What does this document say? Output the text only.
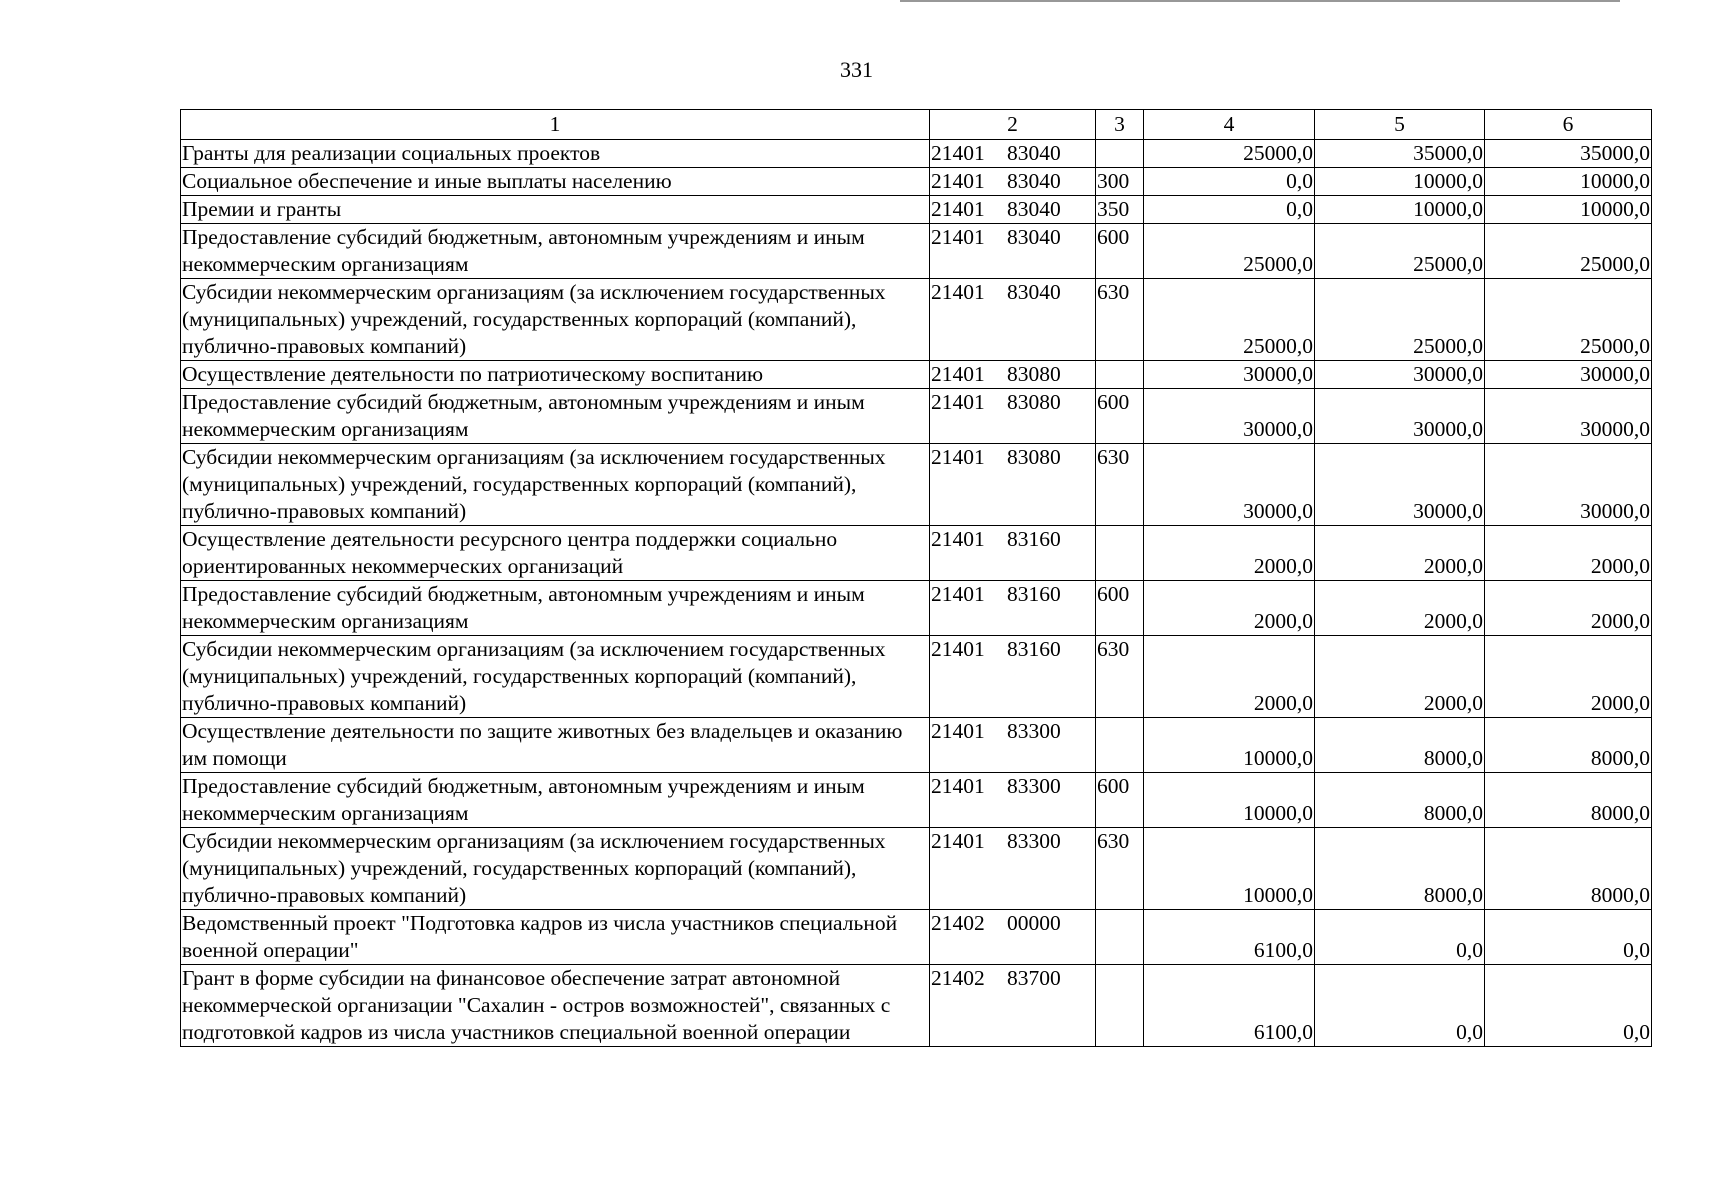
331
1	2	3	4	5	6
Гранты для реализации социальных проектов	21401 83040		25000,0	35000,0	35000,0
Социальное обеспечение и иные выплаты населению	21401 83040	300	0,0	10000,0	10000,0
Премии и гранты	21401 83040	350	0,0	10000,0	10000,0
Предоставление субсидий бюджетным, автономным учреждениям и иным некоммерческим организациям	21401 83040	600	25000,0	25000,0	25000,0
Субсидии некоммерческим организациям (за исключением государственных (муниципальных) учреждений, государственных корпораций (компаний), публично-правовых компаний)	21401 83040	630	25000,0	25000,0	25000,0
Осуществление деятельности по патриотическому воспитанию	21401 83080		30000,0	30000,0	30000,0
Предоставление субсидий бюджетным, автономным учреждениям и иным некоммерческим организациям	21401 83080	600	30000,0	30000,0	30000,0
Субсидии некоммерческим организациям (за исключением государственных (муниципальных) учреждений, государственных корпораций (компаний), публично-правовых компаний)	21401 83080	630	30000,0	30000,0	30000,0
Осуществление деятельности ресурсного центра поддержки социально ориентированных некоммерческих организаций	21401 83160		2000,0	2000,0	2000,0
Предоставление субсидий бюджетным, автономным учреждениям и иным некоммерческим организациям	21401 83160	600	2000,0	2000,0	2000,0
Субсидии некоммерческим организациям (за исключением государственных (муниципальных) учреждений, государственных корпораций (компаний), публично-правовых компаний)	21401 83160	630	2000,0	2000,0	2000,0
Осуществление деятельности по защите животных без владельцев и оказанию им помощи	21401 83300		10000,0	8000,0	8000,0
Предоставление субсидий бюджетным, автономным учреждениям и иным некоммерческим организациям	21401 83300	600	10000,0	8000,0	8000,0
Субсидии некоммерческим организациям (за исключением государственных (муниципальных) учреждений, государственных корпораций (компаний), публично-правовых компаний)	21401 83300	630	10000,0	8000,0	8000,0
Ведомственный проект "Подготовка кадров из числа участников специальной военной операции"	21402 00000		6100,0	0,0	0,0
Грант в форме субсидии на финансовое обеспечение затрат автономной некоммерческой организации "Сахалин - остров возможностей", связанных с подготовкой кадров из числа участников специальной военной операции	21402 83700		6100,0	0,0	0,0
